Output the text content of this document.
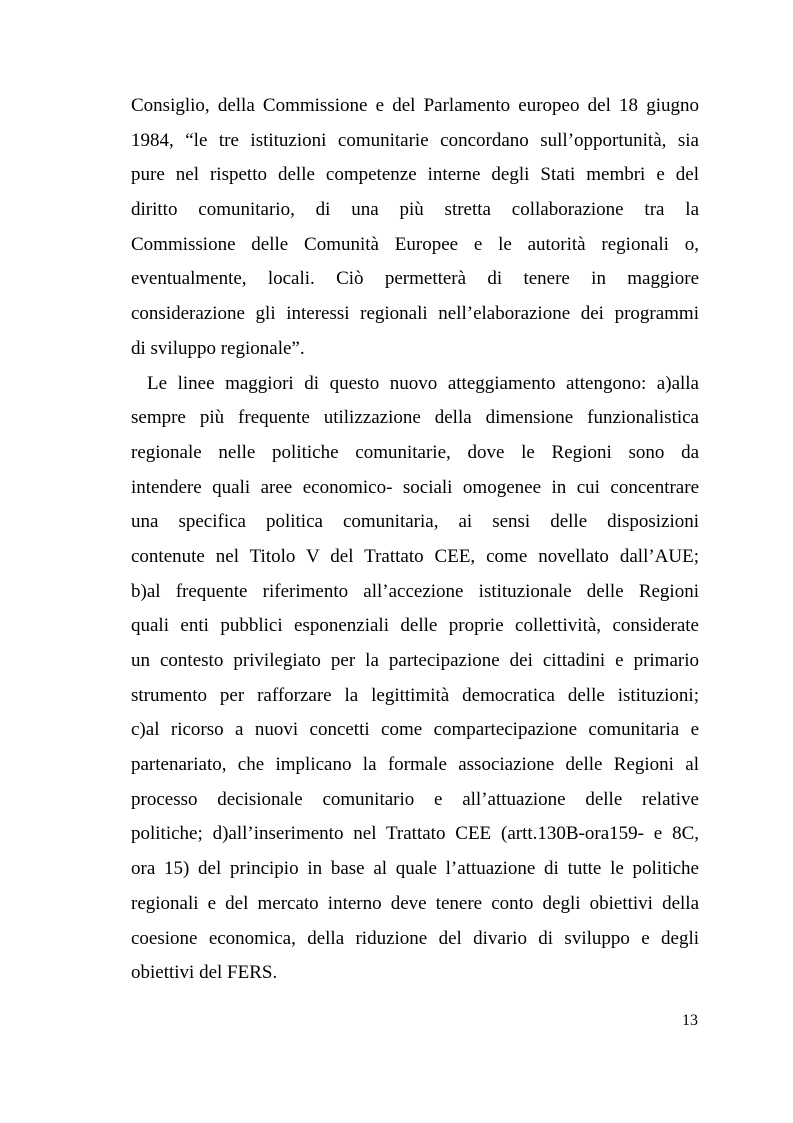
Consiglio, della Commissione e del Parlamento europeo del 18 giugno
1984, “le tre istituzioni comunitarie concordano sull’opportunità, sia
pure nel rispetto delle competenze interne degli Stati membri e del
diritto comunitario, di una più stretta collaborazione tra la
Commissione delle Comunità Europee e le autorità regionali o,
eventualmente, locali. Ciò permetterà di tenere in maggiore
considerazione gli interessi regionali nell’elaborazione dei programmi
di sviluppo regionale”.
Le linee maggiori di questo nuovo atteggiamento attengono: a)alla
sempre più frequente utilizzazione della dimensione funzionalistica
regionale nelle politiche comunitarie, dove le Regioni sono da
intendere quali aree economico- sociali omogenee in cui concentrare
una specifica politica comunitaria, ai sensi delle disposizioni
contenute nel Titolo V del Trattato CEE, come novellato dall’AUE;
b)al frequente riferimento all’accezione istituzionale delle Regioni
quali enti pubblici esponenziali delle proprie collettività, considerate
un contesto privilegiato per la partecipazione dei cittadini e primario
strumento per rafforzare la legittimità democratica delle istituzioni;
c)al ricorso a nuovi concetti come compartecipazione comunitaria e
partenariato, che implicano la formale associazione delle Regioni al
processo decisionale comunitario e all’attuazione delle relative
politiche; d)all’inserimento nel Trattato CEE (artt.130B-ora159- e 8C,
ora 15) del principio in base al quale l’attuazione di tutte le politiche
regionali e del mercato interno deve tenere conto degli obiettivi della
coesione economica, della riduzione del divario di sviluppo e degli
obiettivi del FERS.
13
